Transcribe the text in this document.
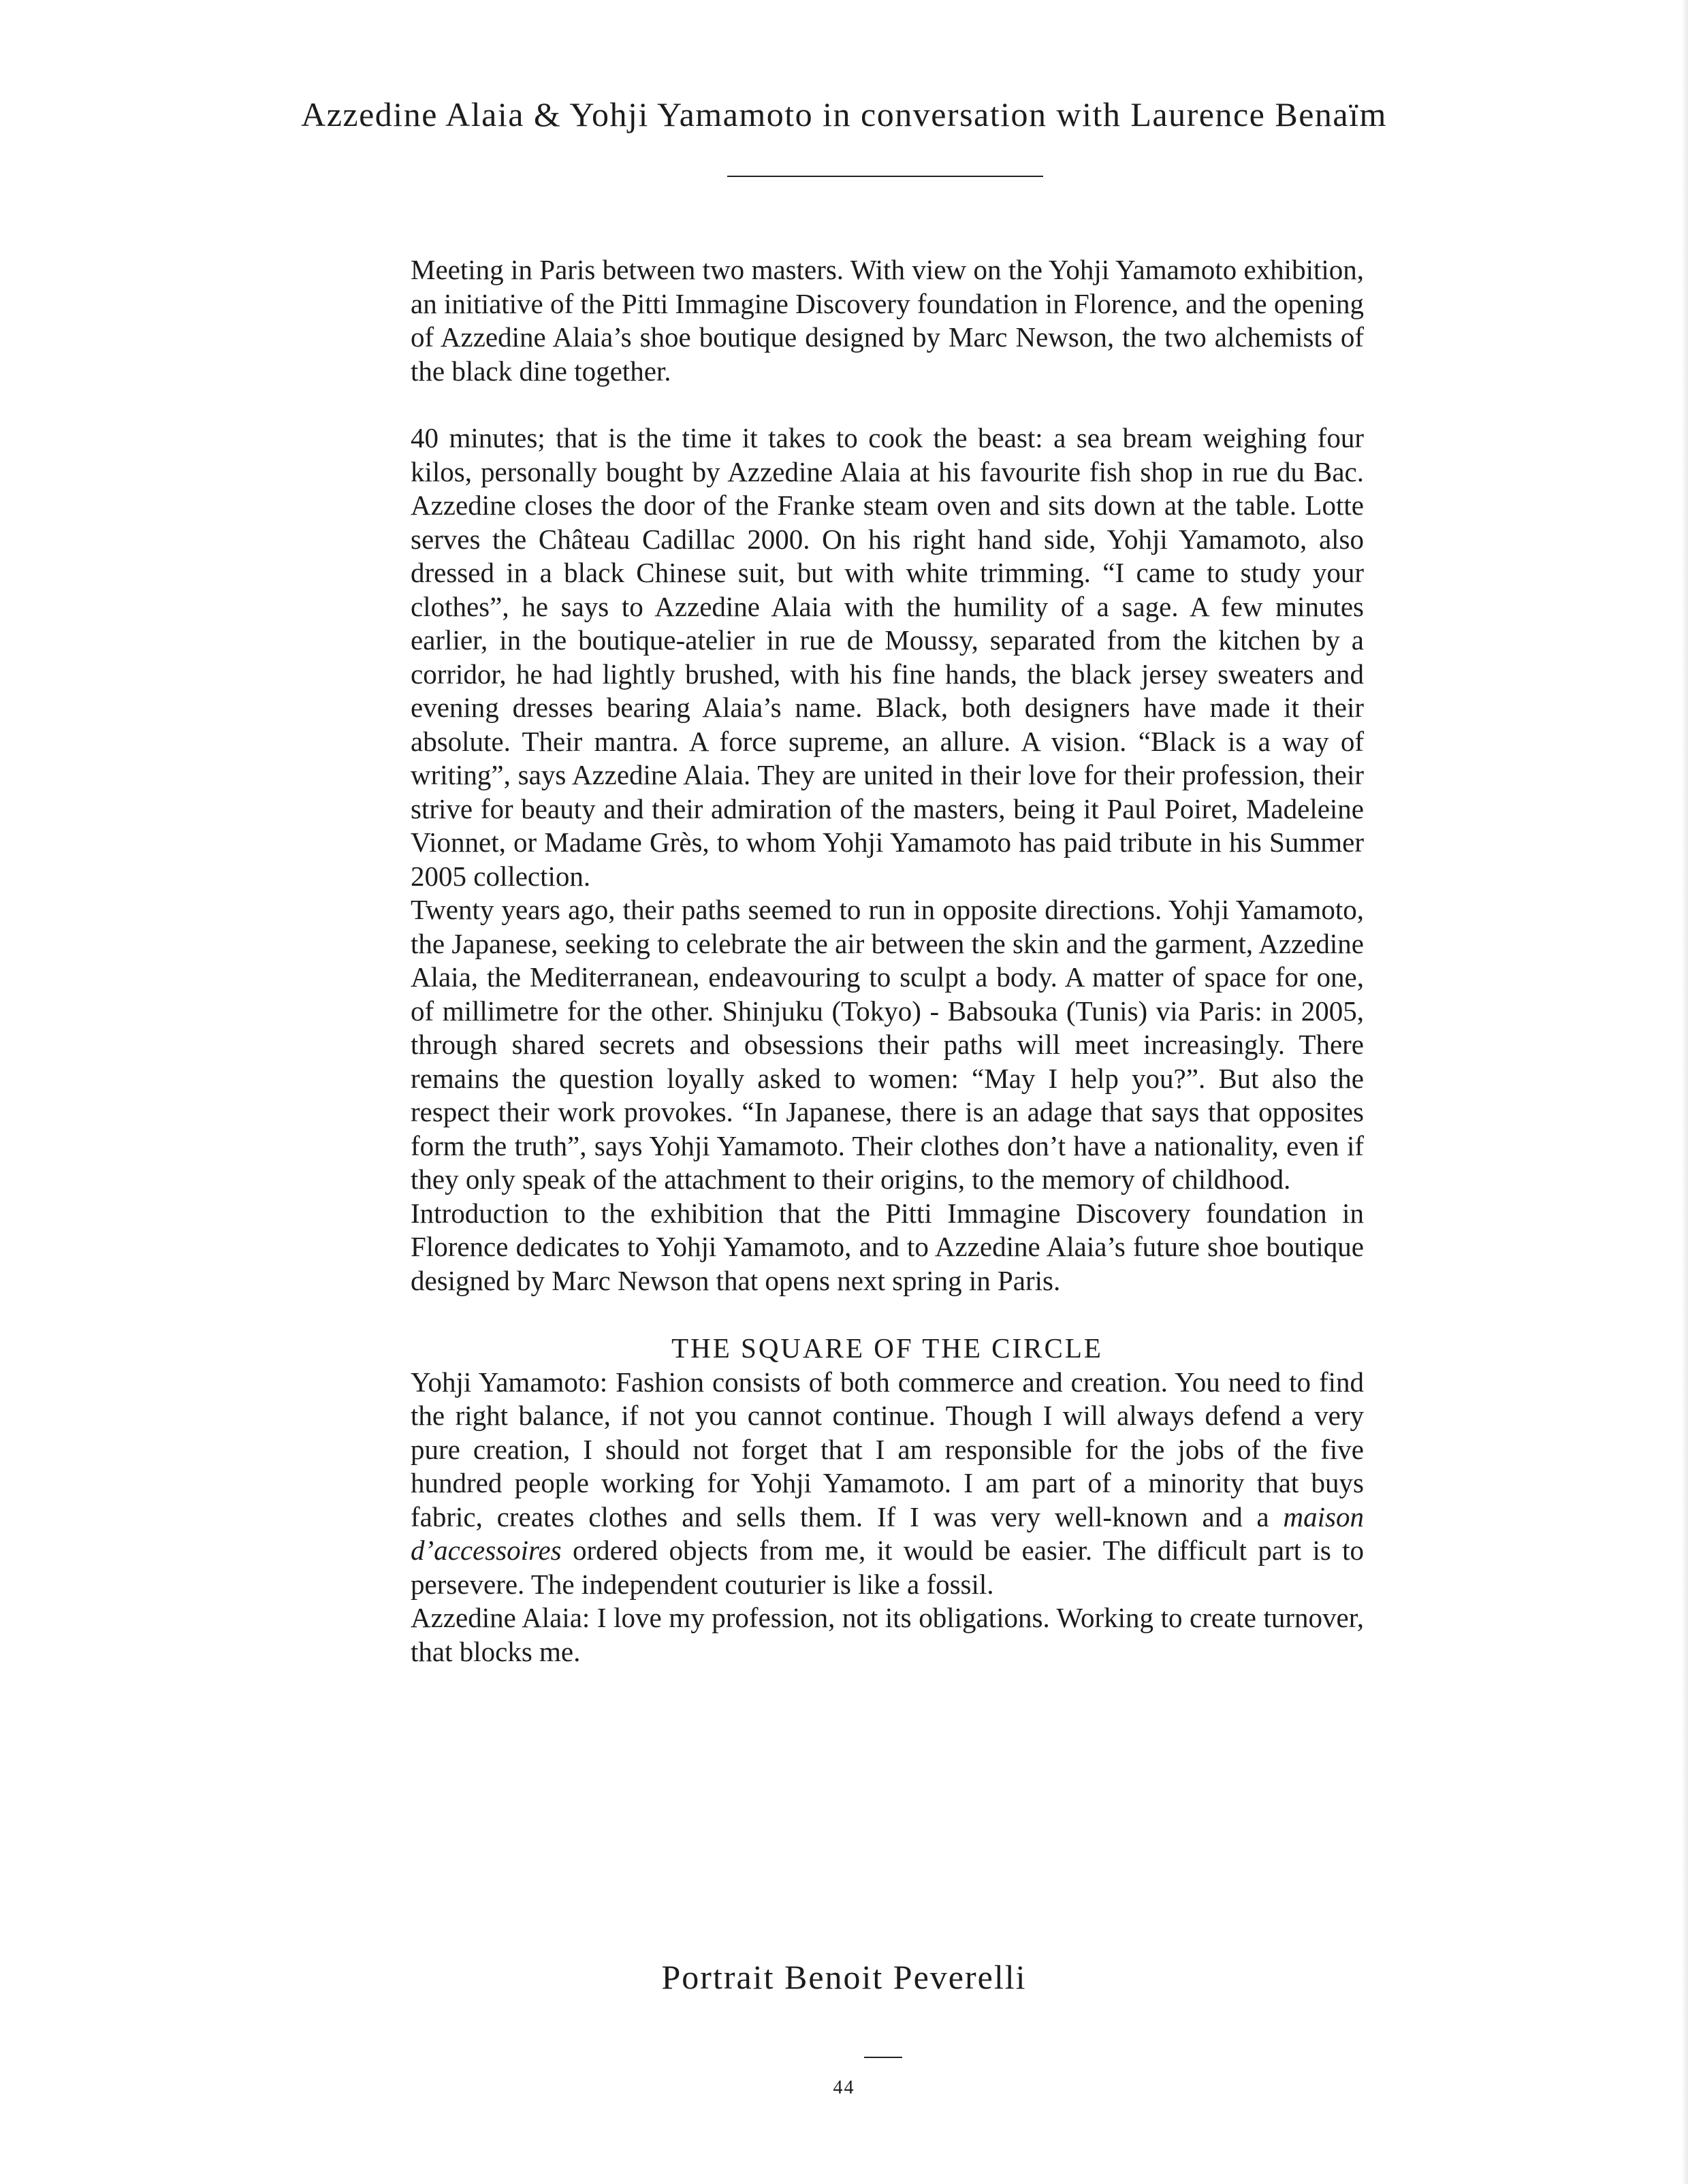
Azzedine Alaia & Yohji Yamamoto in conversation with Laurence Benaïm

Meeting in Paris between two masters. With view on the Yohji Yamamoto exhibition, an initiative of the Pitti Immagine Discovery foundation in Florence, and the opening of Azzedine Alaia’s shoe boutique designed by Marc Newson, the two alchemists of the black dine together.

40 minutes; that is the time it takes to cook the beast: a sea bream weighing four kilos, personally bought by Azzedine Alaia at his favourite fish shop in rue du Bac. Azzedine closes the door of the Franke steam oven and sits down at the table. Lotte serves the Château Cadillac 2000. On his right hand side, Yohji Yamamoto, also dressed in a black Chinese suit, but with white trimming. “I came to study your clothes”, he says to Azzedine Alaia with the humility of a sage. A few minutes earlier, in the boutique-atelier in rue de Moussy, separated from the kitchen by a corridor, he had lightly brushed, with his fine hands, the black jersey sweaters and evening dresses bearing Alaia’s name. Black, both designers have made it their absolute. Their mantra. A force supreme, an allure. A vision. “Black is a way of writing”, says Azzedine Alaia. They are united in their love for their profession, their strive for beauty and their admiration of the masters, being it Paul Poiret, Madeleine Vionnet, or Madame Grès, to whom Yohji Yamamoto has paid tribute in his Summer 2005 collection.

Twenty years ago, their paths seemed to run in opposite directions. Yohji Yamamoto, the Japanese, seeking to celebrate the air between the skin and the garment, Azzedine Alaia, the Mediterranean, endeavouring to sculpt a body. A matter of space for one, of millimetre for the other. Shinjuku (Tokyo) - Babsouka (Tunis) via Paris: in 2005, through shared secrets and obsessions their paths will meet increasingly. There remains the question loyally asked to women: “May I help you?”. But also the respect their work provokes. “In Japanese, there is an adage that says that opposites form the truth”, says Yohji Yamamoto. Their clothes don’t have a nationality, even if they only speak of the attachment to their origins, to the memory of childhood.

Introduction to the exhibition that the Pitti Immagine Discovery foundation in Florence dedicates to Yohji Yamamoto, and to Azzedine Alaia’s future shoe boutique designed by Marc Newson that opens next spring in Paris.

THE SQUARE OF THE CIRCLE

Yohji Yamamoto: Fashion consists of both commerce and creation. You need to find the right balance, if not you cannot continue. Though I will always defend a very pure creation, I should not forget that I am responsible for the jobs of the five hundred people working for Yohji Yamamoto. I am part of a minority that buys fabric, creates clothes and sells them. If I was very well-known and a maison d’accessoires ordered objects from me, it would be easier. The difficult part is to persevere. The independent couturier is like a fossil.

Azzedine Alaia: I love my profession, not its obligations. Working to create turnover, that blocks me.

Portrait Benoit Peverelli
44
